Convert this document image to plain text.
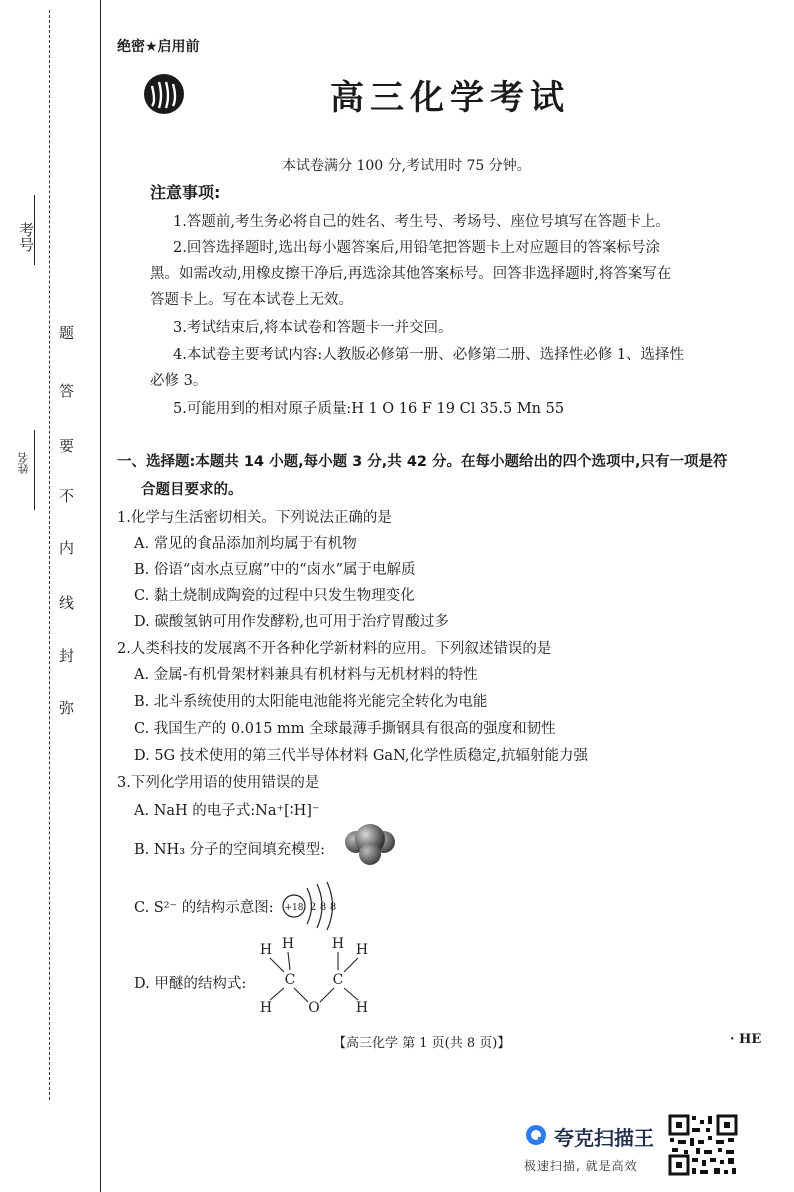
考号
姓名
题
答
要
不
内
线
封
弥
绝密★启用前
高三化学考试
本试卷满分 100 分,考试用时 75 分钟。
注意事项:
1.答题前,考生务必将自己的姓名、考生号、考场号、座位号填写在答题卡上。
2.回答选择题时,选出每小题答案后,用铅笔把答题卡上对应题目的答案标号涂
黑。如需改动,用橡皮擦干净后,再选涂其他答案标号。回答非选择题时,将答案写在
答题卡上。写在本试卷上无效。
3.考试结束后,将本试卷和答题卡一并交回。
4.本试卷主要考试内容:人教版必修第一册、必修第二册、选择性必修 1、选择性
必修 3。
5.可能用到的相对原子质量:H 1 O 16 F 19 Cl 35.5 Mn 55
一、选择题:本题共 14 小题,每小题 3 分,共 42 分。在每小题给出的四个选项中,只有一项是符
合题目要求的。
1.化学与生活密切相关。下列说法正确的是
A. 常见的食品添加剂均属于有机物
B. 俗语“卤水点豆腐”中的“卤水”属于电解质
C. 黏土烧制成陶瓷的过程中只发生物理变化
D. 碳酸氢钠可用作发酵粉,也可用于治疗胃酸过多
2.人类科技的发展离不开各种化学新材料的应用。下列叙述错误的是
A. 金属-有机骨架材料兼具有机材料与无机材料的特性
B. 北斗系统使用的太阳能电池能将光能完全转化为电能
C. 我国生产的 0.015 mm 全球最薄手撕钢具有很高的强度和韧性
D. 5G 技术使用的第三代半导体材料 GaN,化学性质稳定,抗辐射能力强
3.下列化学用语的使用错误的是
A. NaH 的电子式:Na⁺[∶H]⁻
B. NH₃ 分子的空间填充模型:
C. S²⁻ 的结构示意图: +18 2 8 8
D. 甲醚的结构式:
H H	H H
H	H
C	C
O
【高三化学 第 1 页(共 8 页)】	· HE
夸克扫描王
极速扫描, 就是高效
